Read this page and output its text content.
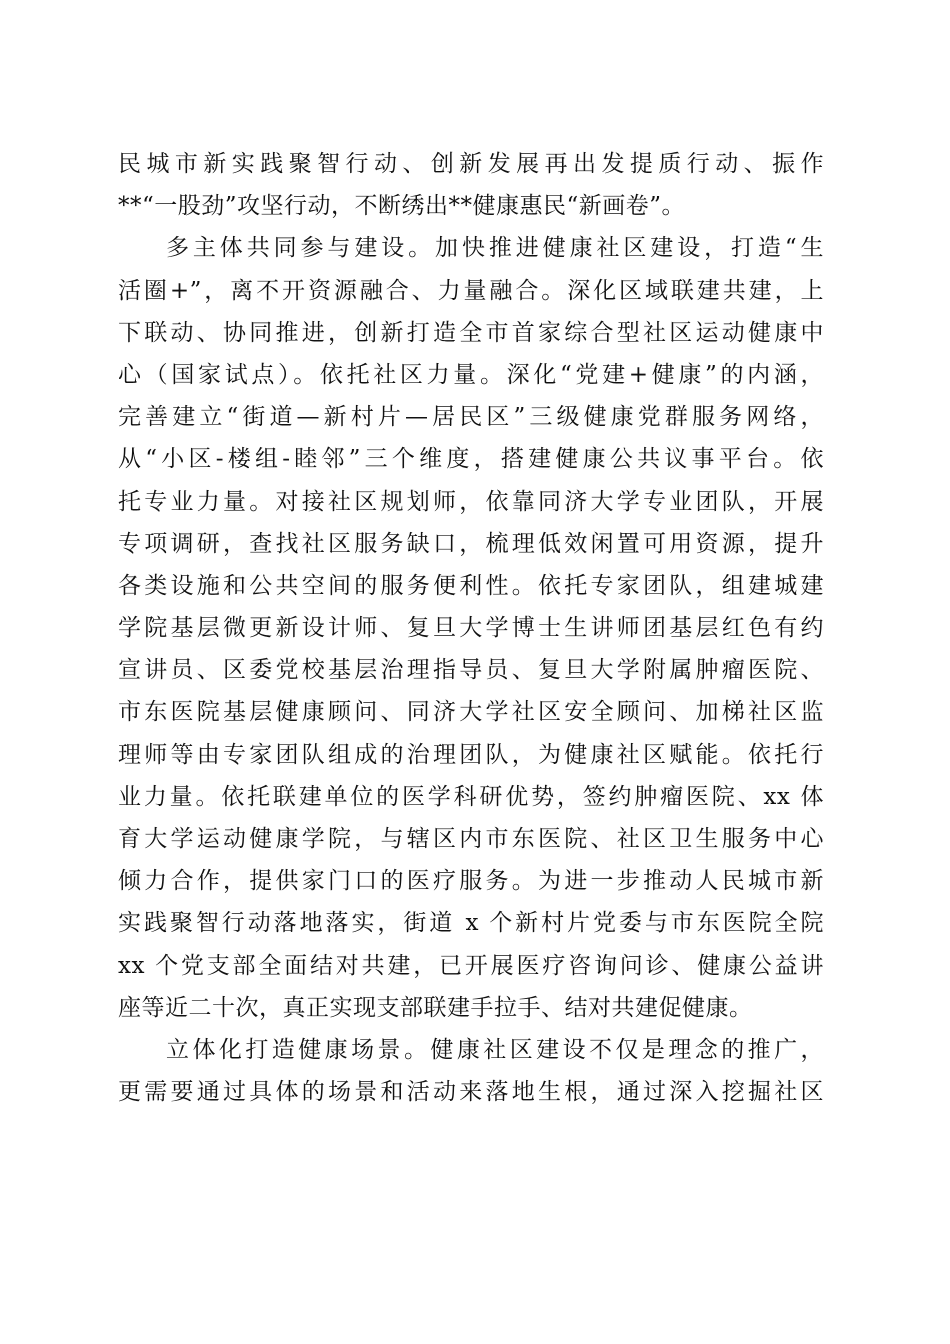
民城市新实践聚智行动、创新发展再出发提质行动、振作
**“一股劲”攻坚行动，不断绣出**健康惠民“新画卷”。
多主体共同参与建设。加快推进健康社区建设，打造“生
活圈+”，离不开资源融合、力量融合。深化区域联建共建，上
下联动、协同推进，创新打造全市首家综合型社区运动健康中
心（国家试点）。依托社区力量。深化“党建+健康”的内涵，
完善建立“街道—新村片—居民区”三级健康党群服务网络，
从“小区-楼组-睦邻”三个维度，搭建健康公共议事平台。依
托专业力量。对接社区规划师，依靠同济大学专业团队，开展
专项调研，查找社区服务缺口，梳理低效闲置可用资源，提升
各类设施和公共空间的服务便利性。依托专家团队，组建城建
学院基层微更新设计师、复旦大学博士生讲师团基层红色有约
宣讲员、区委党校基层治理指导员、复旦大学附属肿瘤医院、
市东医院基层健康顾问、同济大学社区安全顾问、加梯社区监
理师等由专家团队组成的治理团队，为健康社区赋能。依托行
业力量。依托联建单位的医学科研优势，签约肿瘤医院、xx 体
育大学运动健康学院，与辖区内市东医院、社区卫生服务中心
倾力合作，提供家门口的医疗服务。为进一步推动人民城市新
实践聚智行动落地落实，街道 x 个新村片党委与市东医院全院
xx 个党支部全面结对共建，已开展医疗咨询问诊、健康公益讲
座等近二十次，真正实现支部联建手拉手、结对共建促健康。
立体化打造健康场景。健康社区建设不仅是理念的推广，
更需要通过具体的场景和活动来落地生根，通过深入挖掘社区
